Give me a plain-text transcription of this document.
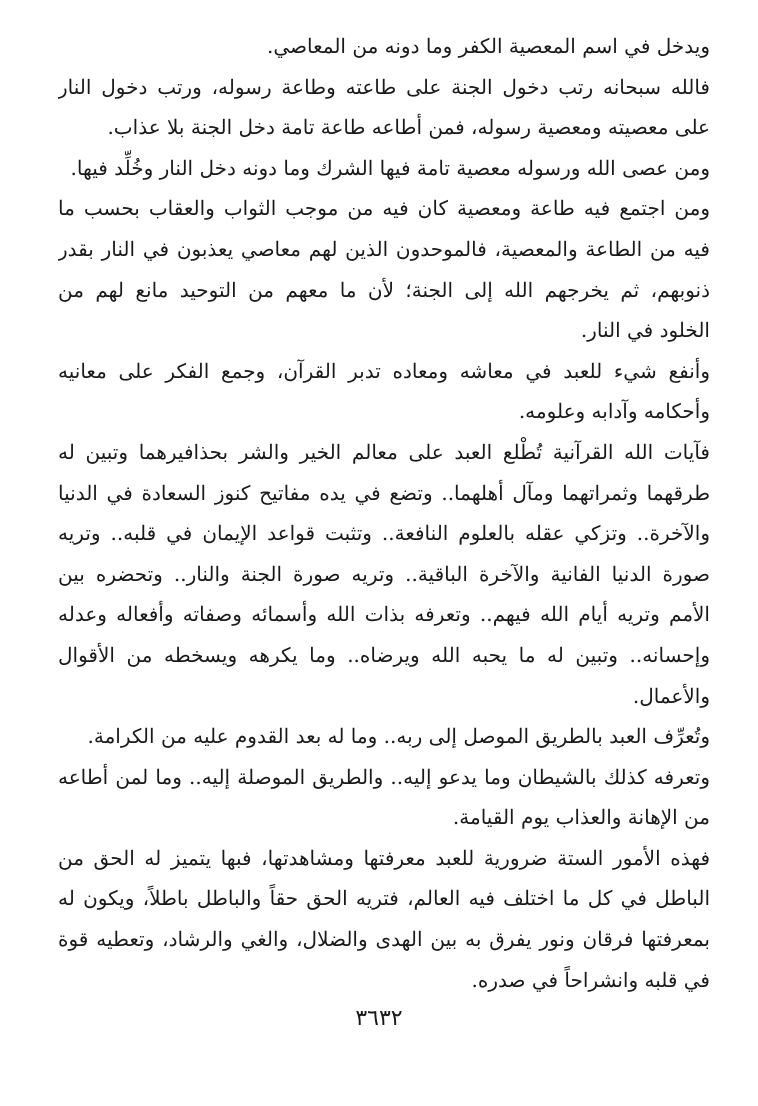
ويدخل في اسم المعصية الكفر وما دونه من المعاصي.
فالله سبحانه رتب دخول الجنة على طاعته وطاعة رسوله، ورتب دخول النار
على معصيته ومعصية رسوله، فمن أطاعه طاعة تامة دخل الجنة بلا عذاب.
ومن عصى الله ورسوله معصية تامة فيها الشرك وما دونه دخل النار وخُلِّد فيها.
ومن اجتمع فيه طاعة ومعصية كان فيه من موجب الثواب والعقاب بحسب ما
فيه من الطاعة والمعصية، فالموحدون الذين لهم معاصي يعذبون في النار بقدر
ذنوبهم، ثم يخرجهم الله إلى الجنة؛ لأن ما معهم من التوحيد مانع لهم من
الخلود في النار.
وأنفع شيء للعبد في معاشه ومعاده تدبر القرآن، وجمع الفكر على معانيه
وأحكامه وآدابه وعلومه.
فآيات الله القرآنية تُطْلع العبد على معالم الخير والشر بحذافيرهما وتبين له
طرقهما وثمراتهما ومآل أهلهما.. وتضع في يده مفاتيح كنوز السعادة في الدنيا
والآخرة.. وتزكي عقله بالعلوم النافعة.. وتثبت قواعد الإيمان في قلبه.. وتريه
صورة الدنيا الفانية والآخرة الباقية.. وتريه صورة الجنة والنار.. وتحضره بين
الأمم وتريه أيام الله فيهم.. وتعرفه بذات الله وأسمائه وصفاته وأفعاله وعدله
وإحسانه.. وتبين له ما يحبه الله ويرضاه.. وما يكرهه ويسخطه من الأقوال
والأعمال.
وتُعرِّف العبد بالطريق الموصل إلى ربه.. وما له بعد القدوم عليه من الكرامة.
وتعرفه كذلك بالشيطان وما يدعو إليه.. والطريق الموصلة إليه.. وما لمن أطاعه
من الإهانة والعذاب يوم القيامة.
فهذه الأمور الستة ضرورية للعبد معرفتها ومشاهدتها، فبها يتميز له الحق من
الباطل في كل ما اختلف فيه العالم، فتريه الحق حقاً والباطل باطلاً، ويكون له
بمعرفتها فرقان ونور يفرق به بين الهدى والضلال، والغي والرشاد، وتعطيه قوة
في قلبه وانشراحاً في صدره.
٣٦٣٢
